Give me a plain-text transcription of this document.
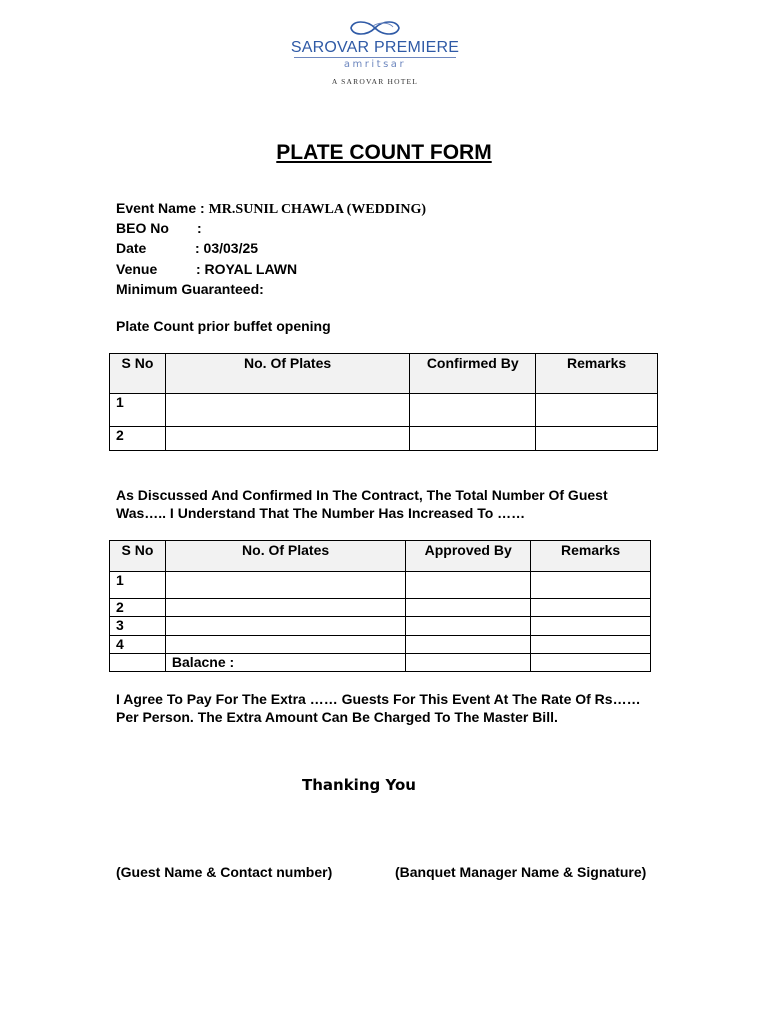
SAROVAR PREMIERE
amritsar
A SAROVAR HOTEL
PLATE COUNT FORM
Event Name : MR.SUNIL CHAWLA (WEDDING)
BEO No :
Date	: 03/03/25
Venue	: ROYAL LAWN
Minimum Guaranteed:
Plate Count prior buffet opening
S No	No. Of Plates	Confirmed By	Remarks
1			
2			
As Discussed And Confirmed In The Contract, The Total Number Of Guest Was….. I Understand That The Number Has Increased To ……
S No	No. Of Plates	Approved By	Remarks
1			
2			
3			
4			
	Balacne :		
I Agree To Pay For The Extra …… Guests For This Event At The Rate Of Rs…… Per Person. The Extra Amount Can Be Charged To The Master Bill.
Thanking You
(Guest Name & Contact number)	(Banquet Manager Name & Signature)
